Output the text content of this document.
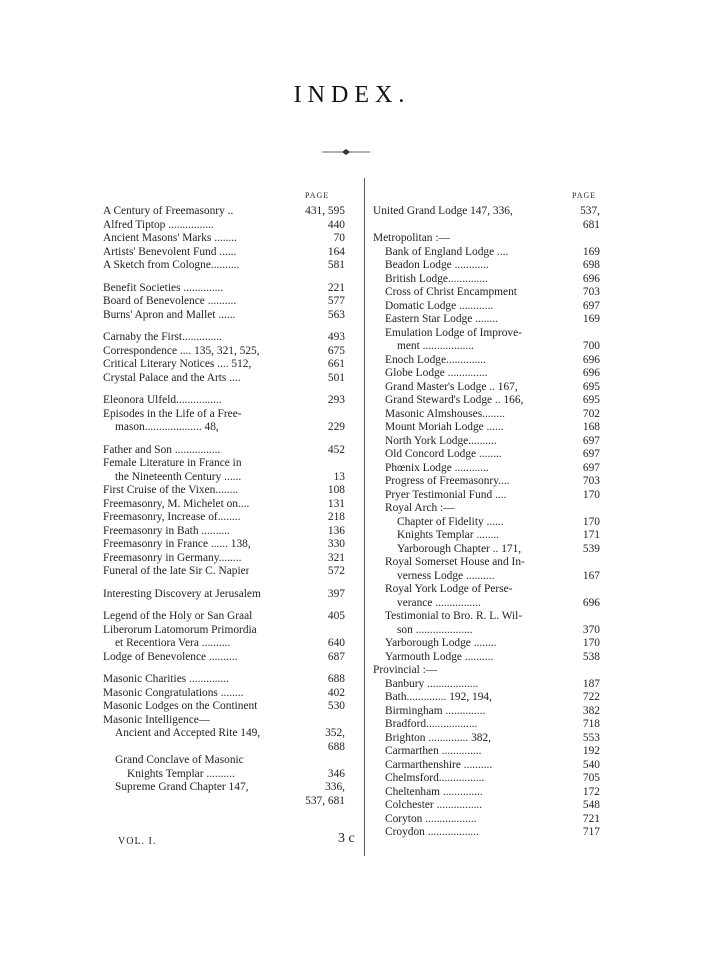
INDEX.
PAGE	PAGE
A Century of Freemasonry ..	431, 595
Alfred Tiptop ................	440
Ancient Masons' Marks ........	70
Artists' Benevolent Fund ......	164
A Sketch from Cologne..........	581
Benefit Societies ..............	221
Board of Benevolence ..........	577
Burns' Apron and Mallet ......	563
Carnaby the First..............	493
Correspondence .... 135, 321, 525,	675
Critical Literary Notices .... 512,	661
Crystal Palace and the Arts ....	501
Eleonora Ulfeld................	293
Episodes in the Life of a Free-
mason.................... 48,	229
Father and Son ................	452
Female Literature in France in
the Nineteenth Century ......	13
First Cruise of the Vixen........	108
Freemasonry, M. Michelet on....	131
Freemasonry, Increase of........	218
Freemasonry in Bath ..........	136
Freemasonry in France ...... 138,	330
Freemasonry in Germany........	321
Funeral of the late Sir C. Napier	572
Interesting Discovery at Jerusalem	397
Legend of the Holy or San Graal	405
Liberorum Latomorum Primordia
et Recentiora Vera ..........	640
Lodge of Benevolence ..........	687
Masonic Charities ..............	688
Masonic Congratulations ........	402
Masonic Lodges on the Continent	530
Masonic Intelligence—
Ancient and Accepted Rite 149,	352,
688
Grand Conclave of Masonic
Knights Templar ..........	346
Supreme Grand Chapter 147,	336,
537, 681
United Grand Lodge 147, 336,	537,
681
Metropolitan :—
Bank of England Lodge ....	169
Beadon Lodge ............	698
British Lodge..............	696
Cross of Christ Encampment	703
Domatic Lodge ............	697
Eastern Star Lodge ........	169
Emulation Lodge of Improve-
ment ..................	700
Enoch Lodge..............	696
Globe Lodge ..............	696
Grand Master's Lodge .. 167,	695
Grand Steward's Lodge .. 166,	695
Masonic Almshouses........	702
Mount Moriah Lodge ......	168
North York Lodge..........	697
Old Concord Lodge ........	697
Phœnix Lodge ............	697
Progress of Freemasonry....	703
Pryer Testimonial Fund ....	170
Royal Arch :—
Chapter of Fidelity ......	170
Knights Templar ........	171
Yarborough Chapter .. 171,	539
Royal Somerset House and In-
verness Lodge ..........	167
Royal York Lodge of Perse-
verance ................	696
Testimonial to Bro. R. L. Wil-
son ....................	370
Yarborough Lodge ........	170
Yarmouth Lodge ..........	538
Provincial :—
Banbury ..................	187
Bath.............. 192, 194,	722
Birmingham ..............	382
Bradford..................	718
Brighton .............. 382,	553
Carmarthen ..............	192
Carmarthenshire ..........	540
Chelmsford................	705
Cheltenham ..............	172
Colchester ................	548
Coryton ..................	721
Croydon ..................	717
VOL. I.	3 c
